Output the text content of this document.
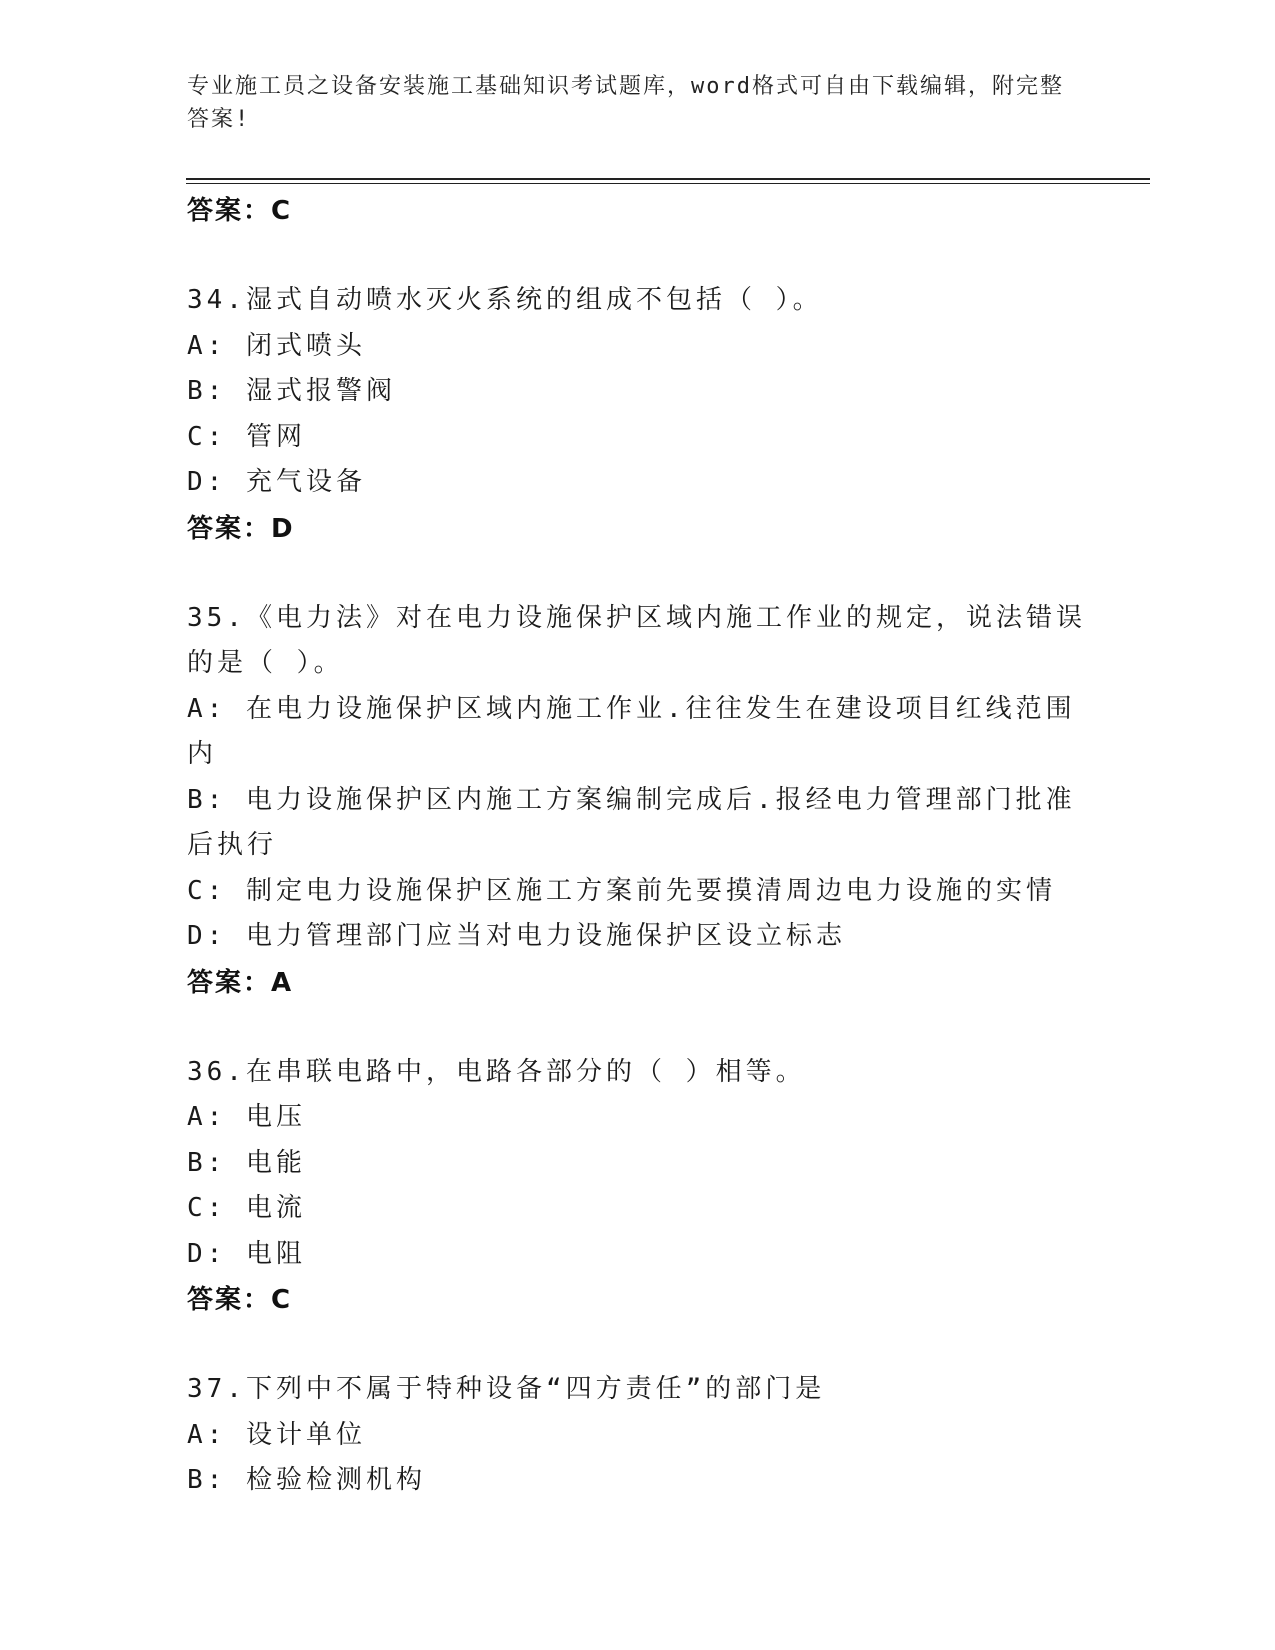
专业施工员之设备安装施工基础知识考试题库，word格式可自由下载编辑，附完整答案!
答案：C
34.湿式自动喷水灭火系统的组成不包括（ ）。
A: 闭式喷头
B: 湿式报警阀
C: 管网
D: 充气设备
答案：D
35.《电力法》对在电力设施保护区域内施工作业的规定，说法错误的是（ ）。
A: 在电力设施保护区域内施工作业.往往发生在建设项目红线范围内
B: 电力设施保护区内施工方案编制完成后.报经电力管理部门批准后执行
C: 制定电力设施保护区施工方案前先要摸清周边电力设施的实情
D: 电力管理部门应当对电力设施保护区设立标志
答案：A
36.在串联电路中，电路各部分的（ ）相等。
A: 电压
B: 电能
C: 电流
D: 电阻
答案：C
37.下列中不属于特种设备“四方责任”的部门是
A: 设计单位
B: 检验检测机构
